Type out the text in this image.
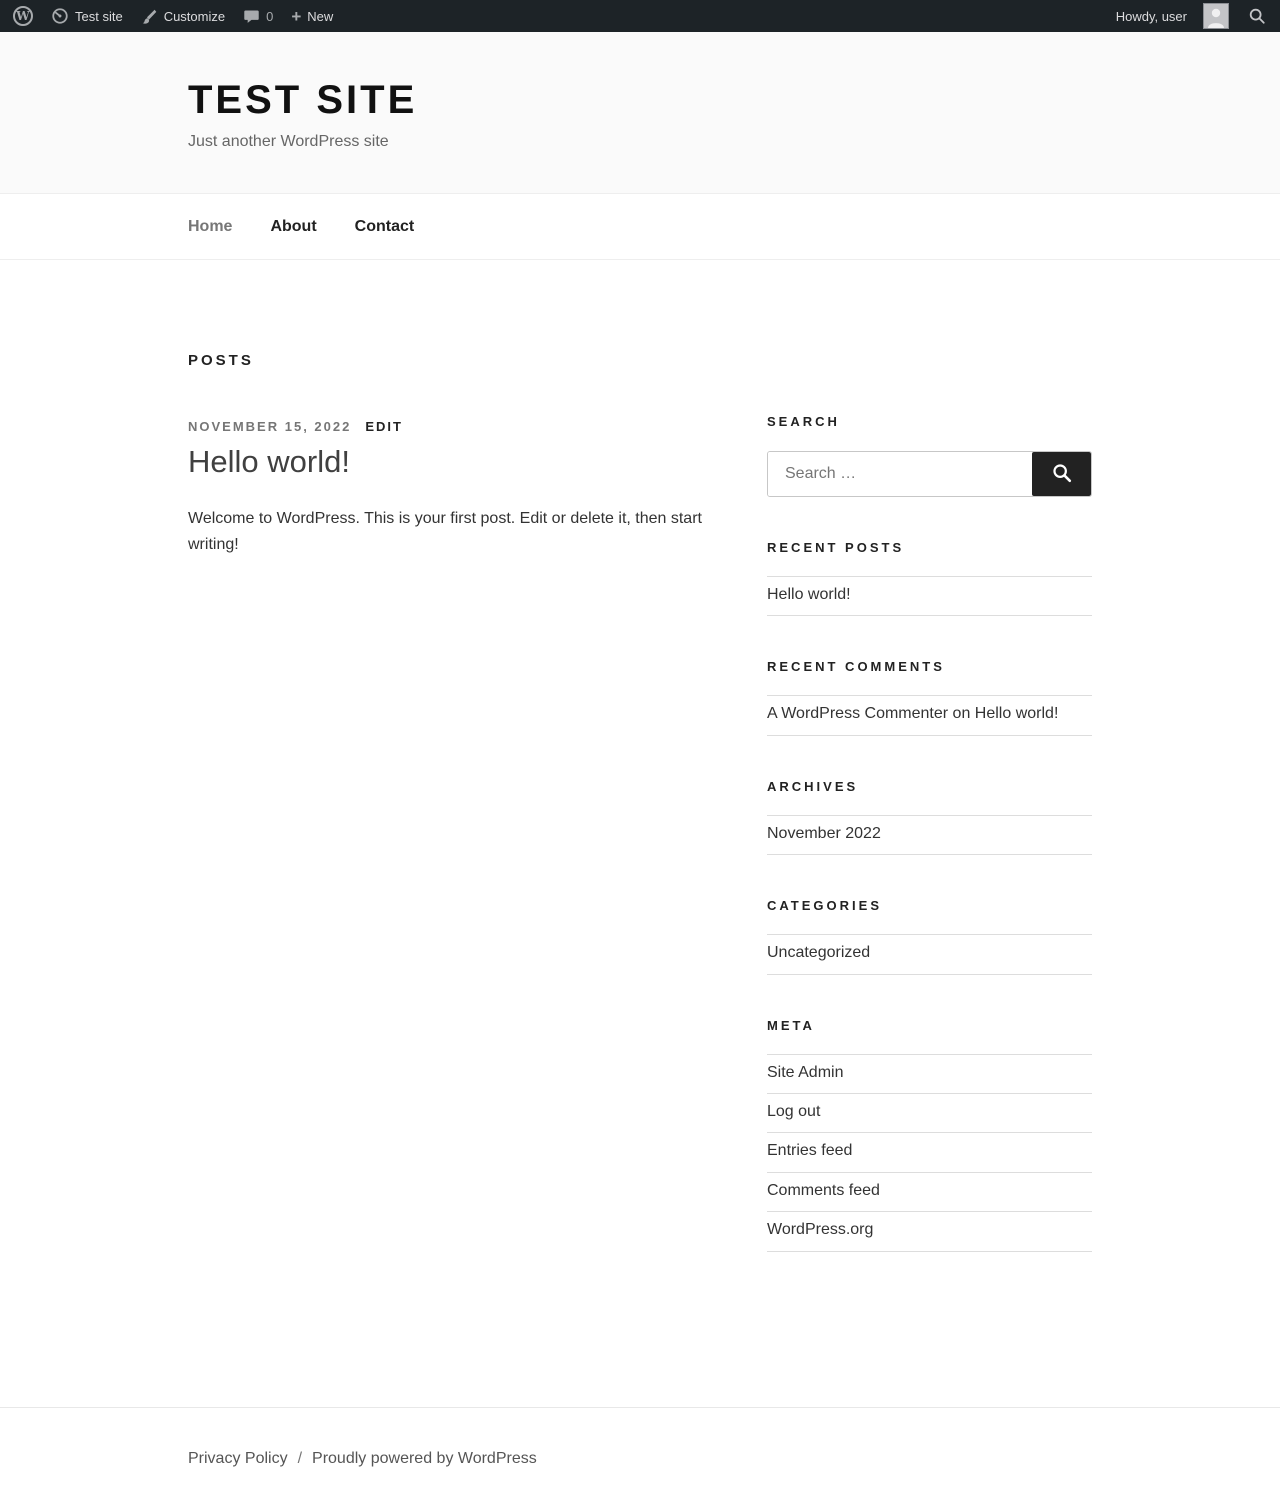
W	Test site	Customize	0 + New	Howdy, user
TEST SITE
Just another WordPress site
Home About Contact
POSTS
NOVEMBER 15, 2022 EDIT
Hello world!

Welcome to WordPress. This is your first post. Edit or delete it, then start writing!

SEARCH
Search …
RECENT POSTS
Hello world!
RECENT COMMENTS
A WordPress Commenter on Hello world!
ARCHIVES
November 2022
CATEGORIES
Uncategorized
META
Site Admin
Log out
Entries feed
Comments feed
WordPress.org
Privacy Policy / Proudly powered by WordPress
